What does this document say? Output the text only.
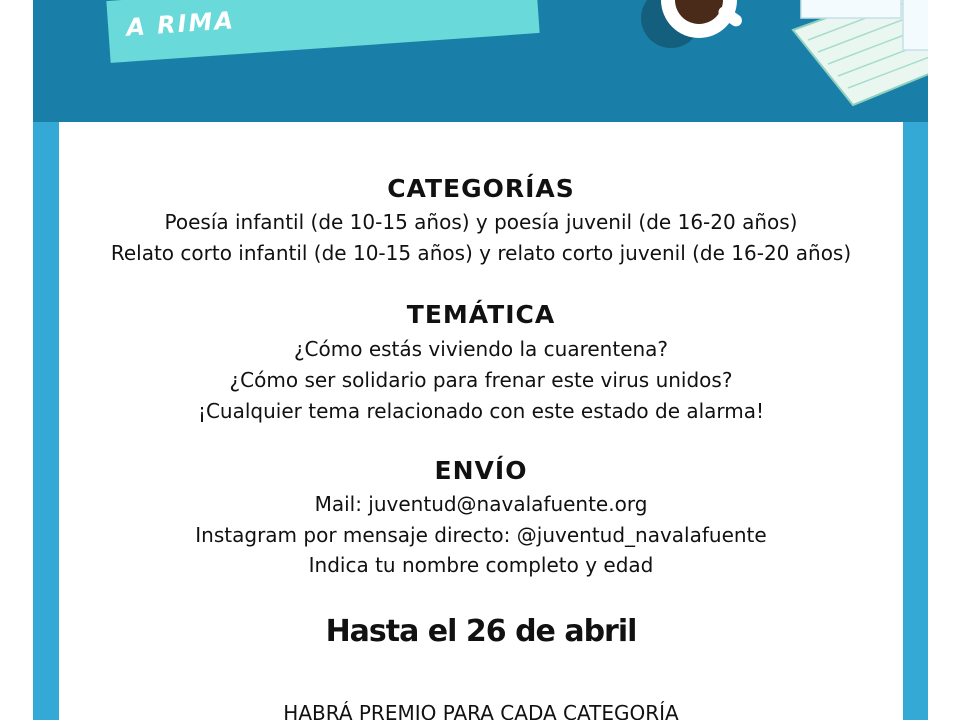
A RIMA
CATEGORÍAS
Poesía infantil (de 10-15 años) y poesía juvenil (de 16-20 años)
Relato corto infantil (de 10-15 años) y relato corto juvenil (de 16-20 años)
TEMÁTICA
¿Cómo estás viviendo la cuarentena?
¿Cómo ser solidario para frenar este virus unidos?
¡Cualquier tema relacionado con este estado de alarma!
ENVÍO
Mail: juventud@navalafuente.org
Instagram por mensaje directo: @juventud_navalafuente
Indica tu nombre completo y edad
Hasta el 26 de abril
HABRÁ PREMIO PARA CADA CATEGORÍA
